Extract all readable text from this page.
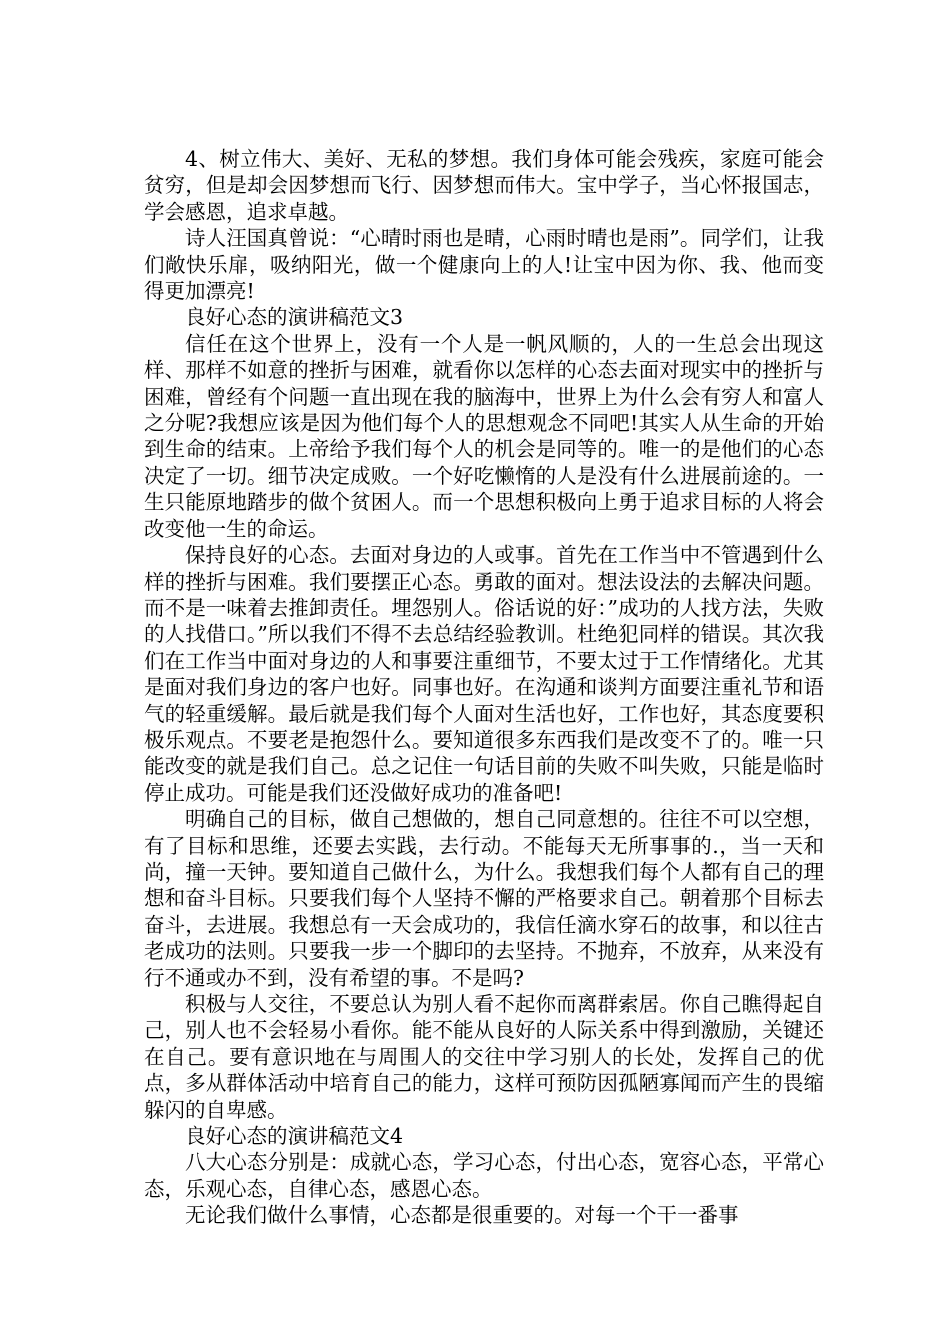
4、树立伟大、美好、无私的梦想。我们身体可能会残疾，家庭可能会贫穷，但是却会因梦想而飞行、因梦想而伟大。宝中学子，当心怀报国志，学会感恩，追求卓越。

诗人汪国真曾说：“心晴时雨也是晴，心雨时晴也是雨”。同学们，让我们敞快乐扉，吸纳阳光，做一个健康向上的人!让宝中因为你、我、他而变得更加漂亮!

良好心态的演讲稿范文3

信任在这个世界上，没有一个人是一帆风顺的，人的一生总会出现这样、那样不如意的挫折与困难，就看你以怎样的心态去面对现实中的挫折与困难，曾经有个问题一直出现在我的脑海中，世界上为什么会有穷人和富人之分呢?我想应该是因为他们每个人的思想观念不同吧!其实人从生命的开始到生命的结束。上帝给予我们每个人的机会是同等的。唯一的是他们的心态决定了一切。细节决定成败。一个好吃懒惰的人是没有什么进展前途的。一生只能原地踏步的做个贫困人。而一个思想积极向上勇于追求目标的人将会改变他一生的命运。

保持良好的心态。去面对身边的人或事。首先在工作当中不管遇到什么样的挫折与困难。我们要摆正心态。勇敢的面对。想法设法的去解决问题。而不是一味着去推卸责任。埋怨别人。俗话说的好：”成功的人找方法，失败的人找借口。”所以我们不得不去总结经验教训。杜绝犯同样的错误。其次我们在工作当中面对身边的人和事要注重细节，不要太过于工作情绪化。尤其是面对我们身边的客户也好。同事也好。在沟通和谈判方面要注重礼节和语气的轻重缓解。最后就是我们每个人面对生活也好，工作也好，其态度要积极乐观点。不要老是抱怨什么。要知道很多东西我们是改变不了的。唯一只能改变的就是我们自己。总之记住一句话目前的失败不叫失败，只能是临时停止成功。可能是我们还没做好成功的准备吧!

明确自己的目标，做自己想做的，想自己同意想的。往往不可以空想，有了目标和思维，还要去实践，去行动。不能每天无所事事的.，当一天和尚，撞一天钟。要知道自己做什么，为什么。我想我们每个人都有自己的理想和奋斗目标。只要我们每个人坚持不懈的严格要求自己。朝着那个目标去奋斗，去进展。我想总有一天会成功的，我信任滴水穿石的故事，和以往古老成功的法则。只要我一步一个脚印的去坚持。不抛弃，不放弃，从来没有行不通或办不到，没有希望的事。不是吗?

积极与人交往，不要总认为别人看不起你而离群索居。你自己瞧得起自己，别人也不会轻易小看你。能不能从良好的人际关系中得到激励，关键还在自己。要有意识地在与周围人的交往中学习别人的长处，发挥自己的优点，多从群体活动中培育自己的能力，这样可预防因孤陋寡闻而产生的畏缩躲闪的自卑感。

良好心态的演讲稿范文4

八大心态分别是：成就心态，学习心态，付出心态，宽容心态，平常心态，乐观心态，自律心态，感恩心态。

无论我们做什么事情，心态都是很重要的。对每一个干一番事
